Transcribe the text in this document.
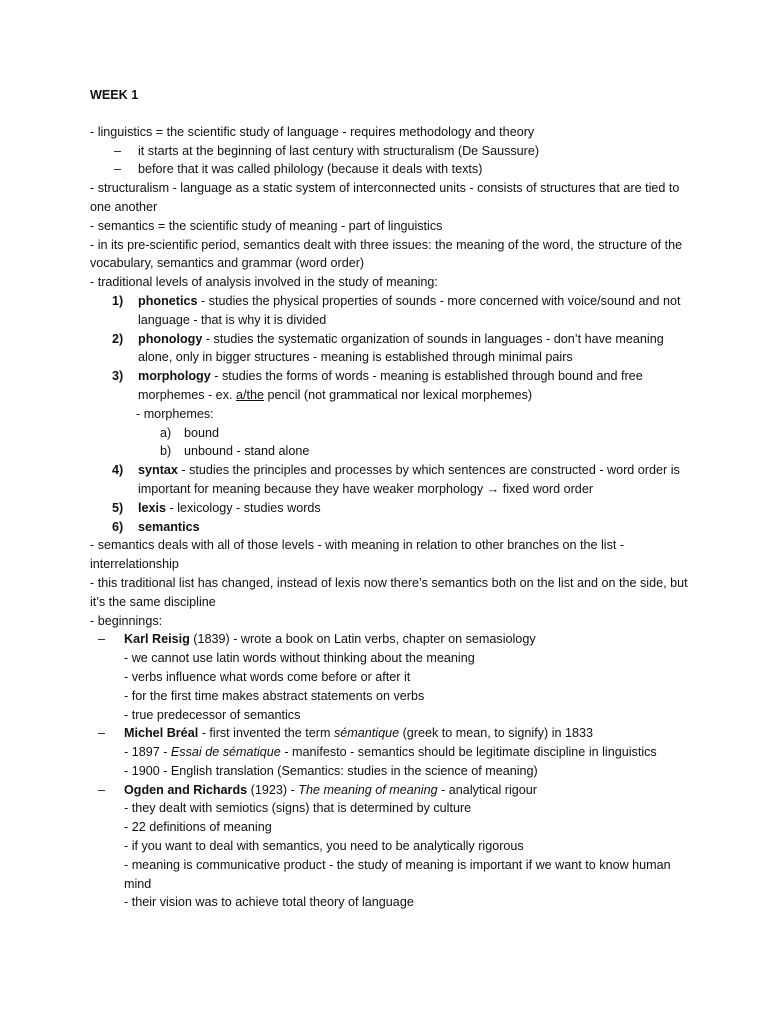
WEEK 1
- linguistics = the scientific study of language - requires methodology and theory
– it starts at the beginning of last century with structuralism (De Saussure)
– before that it was called philology (because it deals with texts)
- structuralism - language as a static system of interconnected units - consists of structures that are tied to one another
- semantics = the scientific study of meaning - part of linguistics
- in its pre-scientific period, semantics dealt with three issues: the meaning of the word, the structure of the vocabulary, semantics and grammar (word order)
- traditional levels of analysis involved in the study of meaning:
1) phonetics - studies the physical properties of sounds - more concerned with voice/sound and not language - that is why it is divided
2) phonology - studies the systematic organization of sounds in languages - don’t have meaning alone, only in bigger structures - meaning is established through minimal pairs
3) morphology - studies the forms of words - meaning is established through bound and free morphemes - ex. a/the pencil (not grammatical nor lexical morphemes)
- morphemes:
a) bound
b) unbound - stand alone
4) syntax - studies the principles and processes by which sentences are constructed - word order is important for meaning because they have weaker morphology → fixed word order
5) lexis - lexicology - studies words
6) semantics
- semantics deals with all of those levels - with meaning in relation to other branches on the list - interrelationship
- this traditional list has changed, instead of lexis now there’s semantics both on the list and on the side, but it’s the same discipline
- beginnings:
– Karl Reisig (1839) - wrote a book on Latin verbs, chapter on semasiology
- we cannot use latin words without thinking about the meaning
- verbs influence what words come before or after it
- for the first time makes abstract statements on verbs
- true predecessor of semantics
– Michel Bréal - first invented the term sémantique (greek to mean, to signify) in 1833
- 1897 - Essai de sématique - manifesto - semantics should be legitimate discipline in linguistics
- 1900 - English translation (Semantics: studies in the science of meaning)
– Ogden and Richards (1923) - The meaning of meaning - analytical rigour
- they dealt with semiotics (signs) that is determined by culture
- 22 definitions of meaning
- if you want to deal with semantics, you need to be analytically rigorous
- meaning is communicative product - the study of meaning is important if we want to know human mind
- their vision was to achieve total theory of language
